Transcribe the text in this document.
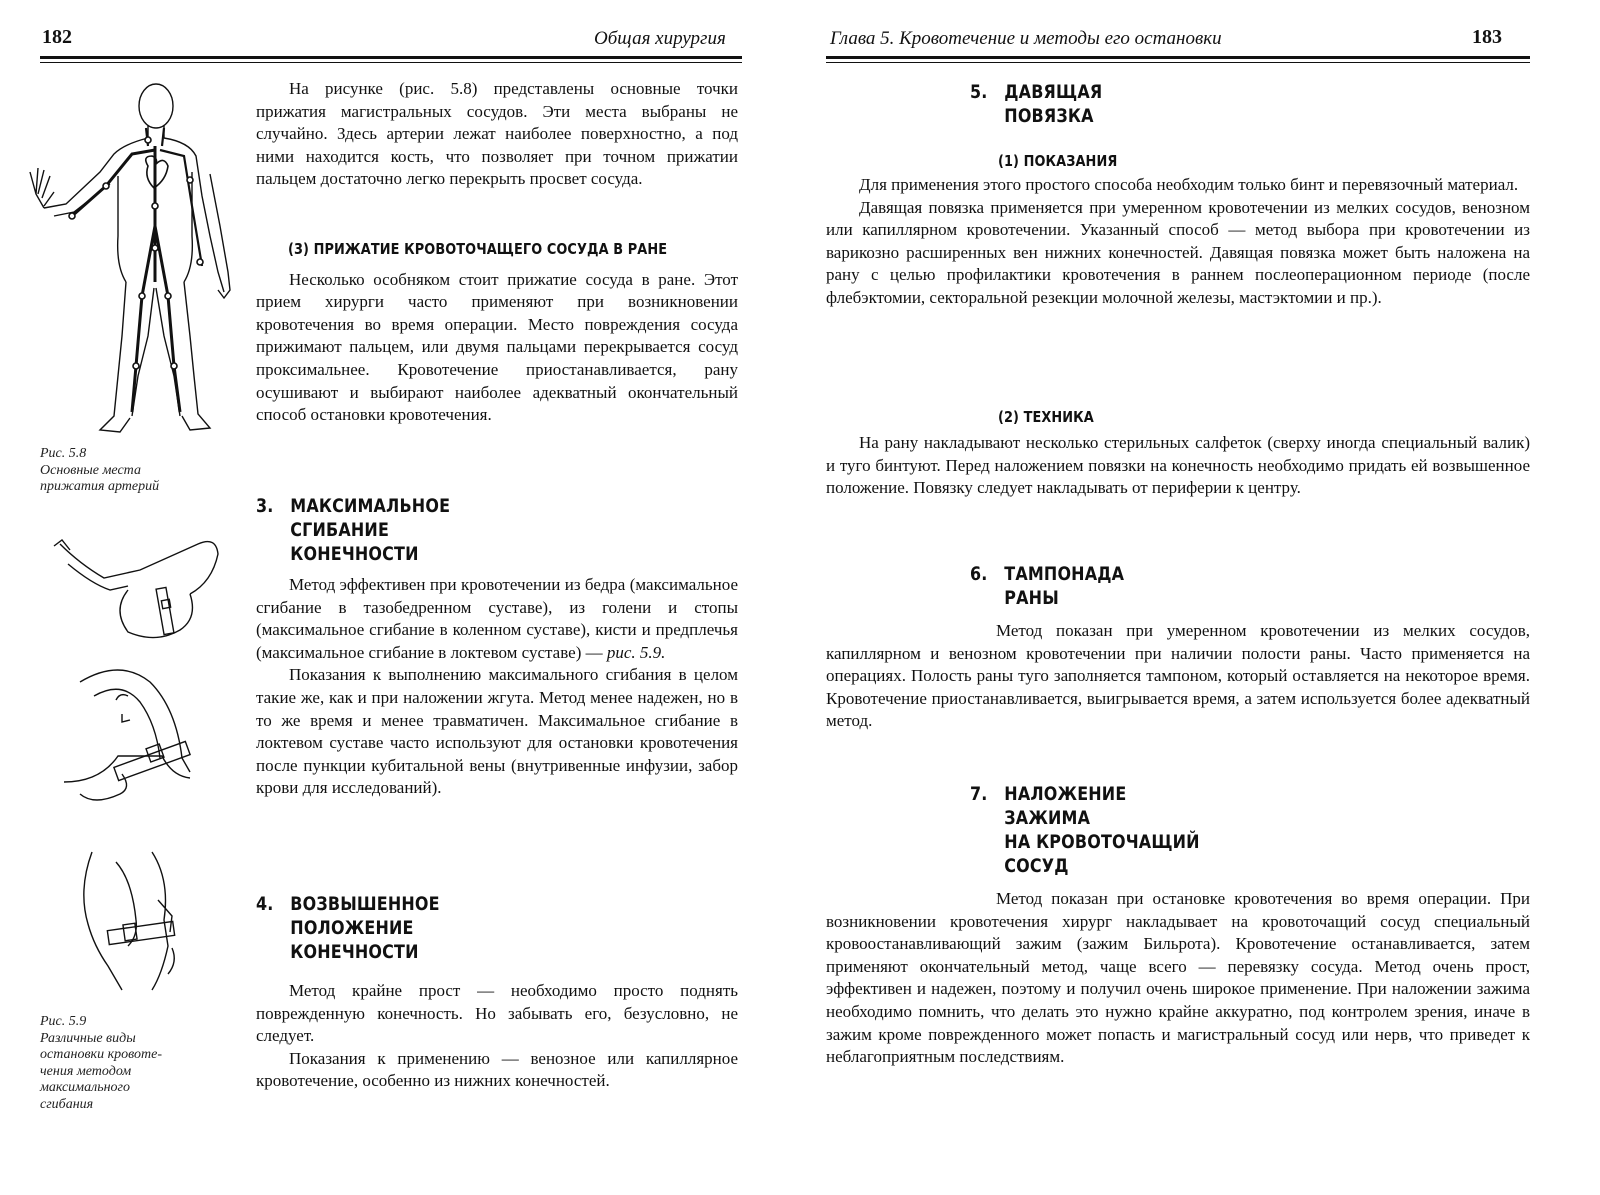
182	Общая хирургия
Рис. 5.8
Основные места
прижатия артерий
Рис. 5.9
Различные виды
остановки кровоте-
чения методом
максимального
сгибания

На рисунке (рис. 5.8) представлены основные точки прижатия магистральных сосудов. Эти места выбраны не случайно. Здесь артерии лежат наиболее поверхностно, а под ними находится кость, что позволяет при точном прижатии пальцем достаточно легко перекрыть просвет сосуда.

(3) ПРИЖАТИЕ КРОВОТОЧАЩЕГО СОСУДА В РАНЕ

Несколько особняком стоит прижатие сосуда в ране. Этот прием хирурги часто применяют при возникновении кровотечения во время операции. Место повреждения сосуда прижимают пальцем, или двумя пальцами перекрывается сосуд проксимальнее. Кровотечение приостанавливается, рану осушивают и выбирают наиболее адекватный окончательный способ остановки кровотечения.

3. МАКСИМАЛЬНОЕ
СГИБАНИЕ
КОНЕЧНОСТИ

Метод эффективен при кровотечении из бедра (максимальное сгибание в тазобедренном суставе), из голени и стопы (максимальное сгибание в коленном суставе), кисти и предплечья (максимальное сгибание в локтевом суставе) — рис. 5.9.

Показания к выполнению максимального сгибания в целом такие же, как и при наложении жгута. Метод менее надежен, но в то же время и менее травматичен. Максимальное сгибание в локтевом суставе часто используют для остановки кровотечения после пункции кубитальной вены (внутривенные инфузии, забор крови для исследований).

4. ВОЗВЫШЕННОЕ
ПОЛОЖЕНИЕ
КОНЕЧНОСТИ

Метод крайне прост — необходимо просто поднять поврежденную конечность. Но забывать его, безусловно, не следует.

Показания к применению — венозное или капиллярное кровотечение, особенно из нижних конечностей.

Глава 5. Кровотечение и методы его остановки	183
5. ДАВЯЩАЯ
ПОВЯЗКА
(1) ПОКАЗАНИЯ

Для применения этого простого способа необходим только бинт и перевязочный материал.

Давящая повязка применяется при умеренном кровотечении из мелких сосудов, венозном или капиллярном кровотечении. Указанный способ — метод выбора при кровотечении из варикозно расширенных вен нижних конечностей. Давящая повязка может быть наложена на рану с целью профилактики кровотечения в раннем послеоперационном периоде (после флебэктомии, секторальной резекции молочной железы, мастэктомии и пр.).

(2) ТЕХНИКА

На рану накладывают несколько стерильных салфеток (сверху иногда специальный валик) и туго бинтуют. Перед наложением повязки на конечность необходимо придать ей возвышенное положение. Повязку следует накладывать от периферии к центру.

6. ТАМПОНАДА
РАНЫ

Метод показан при умеренном кровотечении из мелких сосудов, капиллярном и венозном кровотечении при наличии полости раны. Часто применяется на операциях. Полость раны туго заполняется тампоном, который оставляется на некоторое время. Кровотечение приостанавливается, выигрывается время, а затем используется более адекватный метод.

7. НАЛОЖЕНИЕ
ЗАЖИМА
НА КРОВОТОЧАЩИЙ
СОСУД

Метод показан при остановке кровотечения во время операции. При возникновении кровотечения хирург накладывает на кровоточащий сосуд специальный кровоостанавливающий зажим (зажим Бильрота). Кровотечение останавливается, затем применяют окончательный метод, чаще всего — перевязку сосуда. Метод очень прост, эффективен и надежен, поэтому и получил очень широкое применение. При наложении зажима необходимо помнить, что делать это нужно крайне аккуратно, под контролем зрения, иначе в зажим кроме поврежденного может попасть и магистральный сосуд или нерв, что приведет к неблагоприятным последствиям.
